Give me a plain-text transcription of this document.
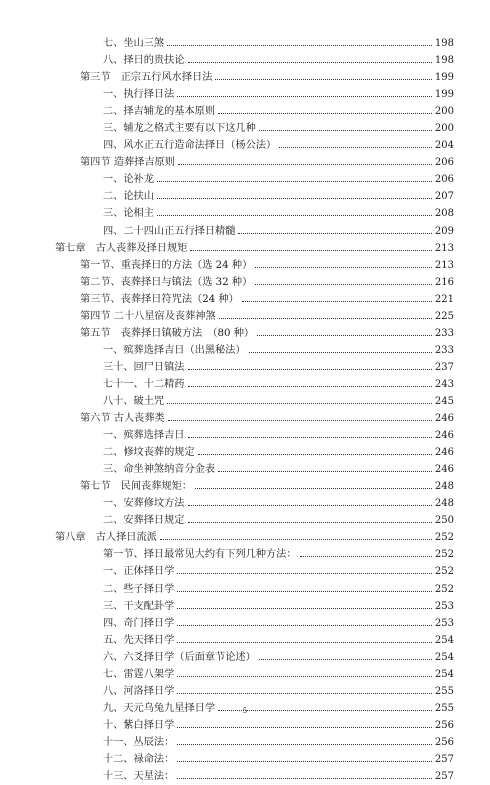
七、坐山三煞	198
八、择日的贵扶论	198
第三节　正宗五行风水择日法	199
一、执行择日法	199
二、择吉辅龙的基本原则	200
三、辅龙之格式主要有以下这几种	200
四、风水正五行造命法择日（杨公法）	204
第四节 造葬择吉原则	206
一、论补龙	206
二、论扶山	207
三、论相主	208
四、二十四山正五行择日精髓	209
第七章　古人丧葬及择日规矩	213
第一节、重丧择日的方法（选 24 种）	213
第二节、丧葬择日与镇法（选 32 种）	216
第三节、丧葬择日符咒法（24 种）	221
第四节 二十八星宿及丧葬神煞	225
第五节　丧葬择日镇破方法　（80 种）	233
一、殡葬选择吉日（出黑秘法）	233
三十、回尸日镇法	237
七十一、十二精药	243
八十、破土咒	245
第六节 古人丧葬类	246
一、殡葬选择吉日	246
二、修坟丧葬的规定	246
三、命坐神煞纳音分金表	246
第七节　民间丧葬规矩：	248
一、安葬修坟方法	248
二、安葬择日规定	250
第八章　古人择日流派	252
第一节、择日最常见大约有下列几种方法：	252
一、正体择日学	252
二、些子择日学	252
三、干支配卦学	253
四、奇门择日学	253
五、先天择日学	254
六、六爻择日学（后面章节论述）	254
七、雷霆八架学	254
八、河洛择日学	255
九、天元乌兔九星择日学	255
十、紫白择日学	256
十一、丛辰法：	256
十二、禄命法：	257
十三、天星法：	257
5
